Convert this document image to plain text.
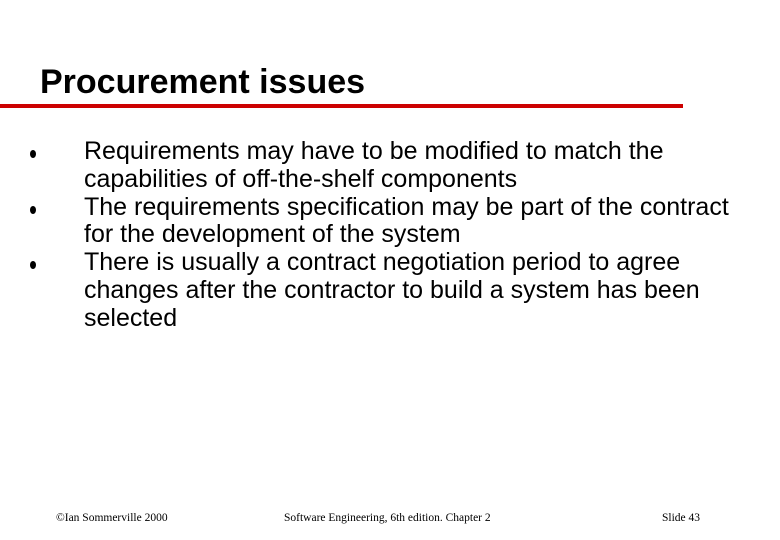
Procurement issues
Requirements may have to be modified to match the capabilities of off-the-shelf components
The requirements specification may be part of the contract for the development of the system
There is usually a contract negotiation period to agree changes after the contractor to build a system has been selected
©Ian Sommerville 2000	Software Engineering, 6th edition. Chapter 2	Slide 43
